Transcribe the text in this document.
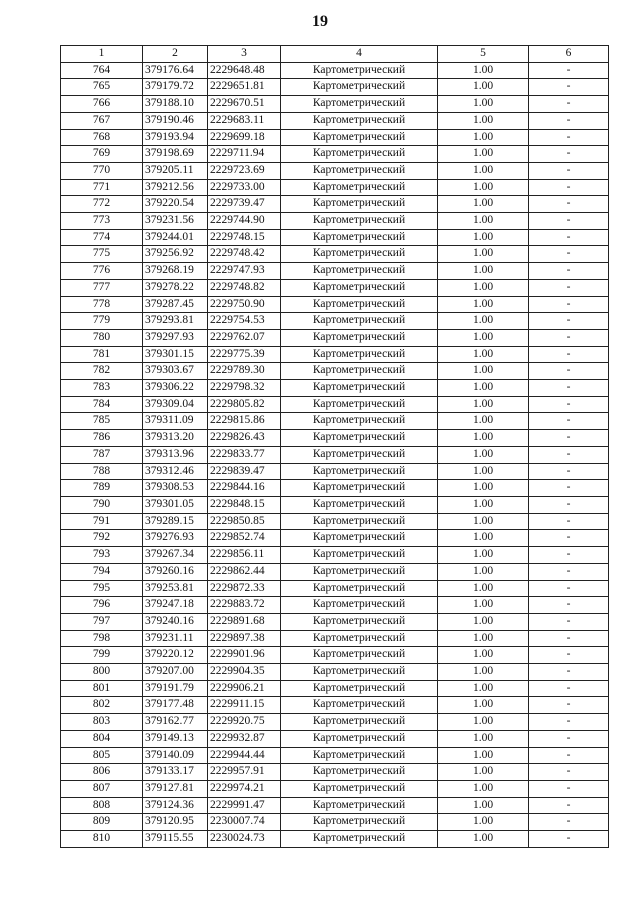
19
1	2	3	4	5	6
764	379176.64	2229648.48	Картометрический	1.00	-
765	379179.72	2229651.81	Картометрический	1.00	-
766	379188.10	2229670.51	Картометрический	1.00	-
767	379190.46	2229683.11	Картометрический	1.00	-
768	379193.94	2229699.18	Картометрический	1.00	-
769	379198.69	2229711.94	Картометрический	1.00	-
770	379205.11	2229723.69	Картометрический	1.00	-
771	379212.56	2229733.00	Картометрический	1.00	-
772	379220.54	2229739.47	Картометрический	1.00	-
773	379231.56	2229744.90	Картометрический	1.00	-
774	379244.01	2229748.15	Картометрический	1.00	-
775	379256.92	2229748.42	Картометрический	1.00	-
776	379268.19	2229747.93	Картометрический	1.00	-
777	379278.22	2229748.82	Картометрический	1.00	-
778	379287.45	2229750.90	Картометрический	1.00	-
779	379293.81	2229754.53	Картометрический	1.00	-
780	379297.93	2229762.07	Картометрический	1.00	-
781	379301.15	2229775.39	Картометрический	1.00	-
782	379303.67	2229789.30	Картометрический	1.00	-
783	379306.22	2229798.32	Картометрический	1.00	-
784	379309.04	2229805.82	Картометрический	1.00	-
785	379311.09	2229815.86	Картометрический	1.00	-
786	379313.20	2229826.43	Картометрический	1.00	-
787	379313.96	2229833.77	Картометрический	1.00	-
788	379312.46	2229839.47	Картометрический	1.00	-
789	379308.53	2229844.16	Картометрический	1.00	-
790	379301.05	2229848.15	Картометрический	1.00	-
791	379289.15	2229850.85	Картометрический	1.00	-
792	379276.93	2229852.74	Картометрический	1.00	-
793	379267.34	2229856.11	Картометрический	1.00	-
794	379260.16	2229862.44	Картометрический	1.00	-
795	379253.81	2229872.33	Картометрический	1.00	-
796	379247.18	2229883.72	Картометрический	1.00	-
797	379240.16	2229891.68	Картометрический	1.00	-
798	379231.11	2229897.38	Картометрический	1.00	-
799	379220.12	2229901.96	Картометрический	1.00	-
800	379207.00	2229904.35	Картометрический	1.00	-
801	379191.79	2229906.21	Картометрический	1.00	-
802	379177.48	2229911.15	Картометрический	1.00	-
803	379162.77	2229920.75	Картометрический	1.00	-
804	379149.13	2229932.87	Картометрический	1.00	-
805	379140.09	2229944.44	Картометрический	1.00	-
806	379133.17	2229957.91	Картометрический	1.00	-
807	379127.81	2229974.21	Картометрический	1.00	-
808	379124.36	2229991.47	Картометрический	1.00	-
809	379120.95	2230007.74	Картометрический	1.00	-
810	379115.55	2230024.73	Картометрический	1.00	-
